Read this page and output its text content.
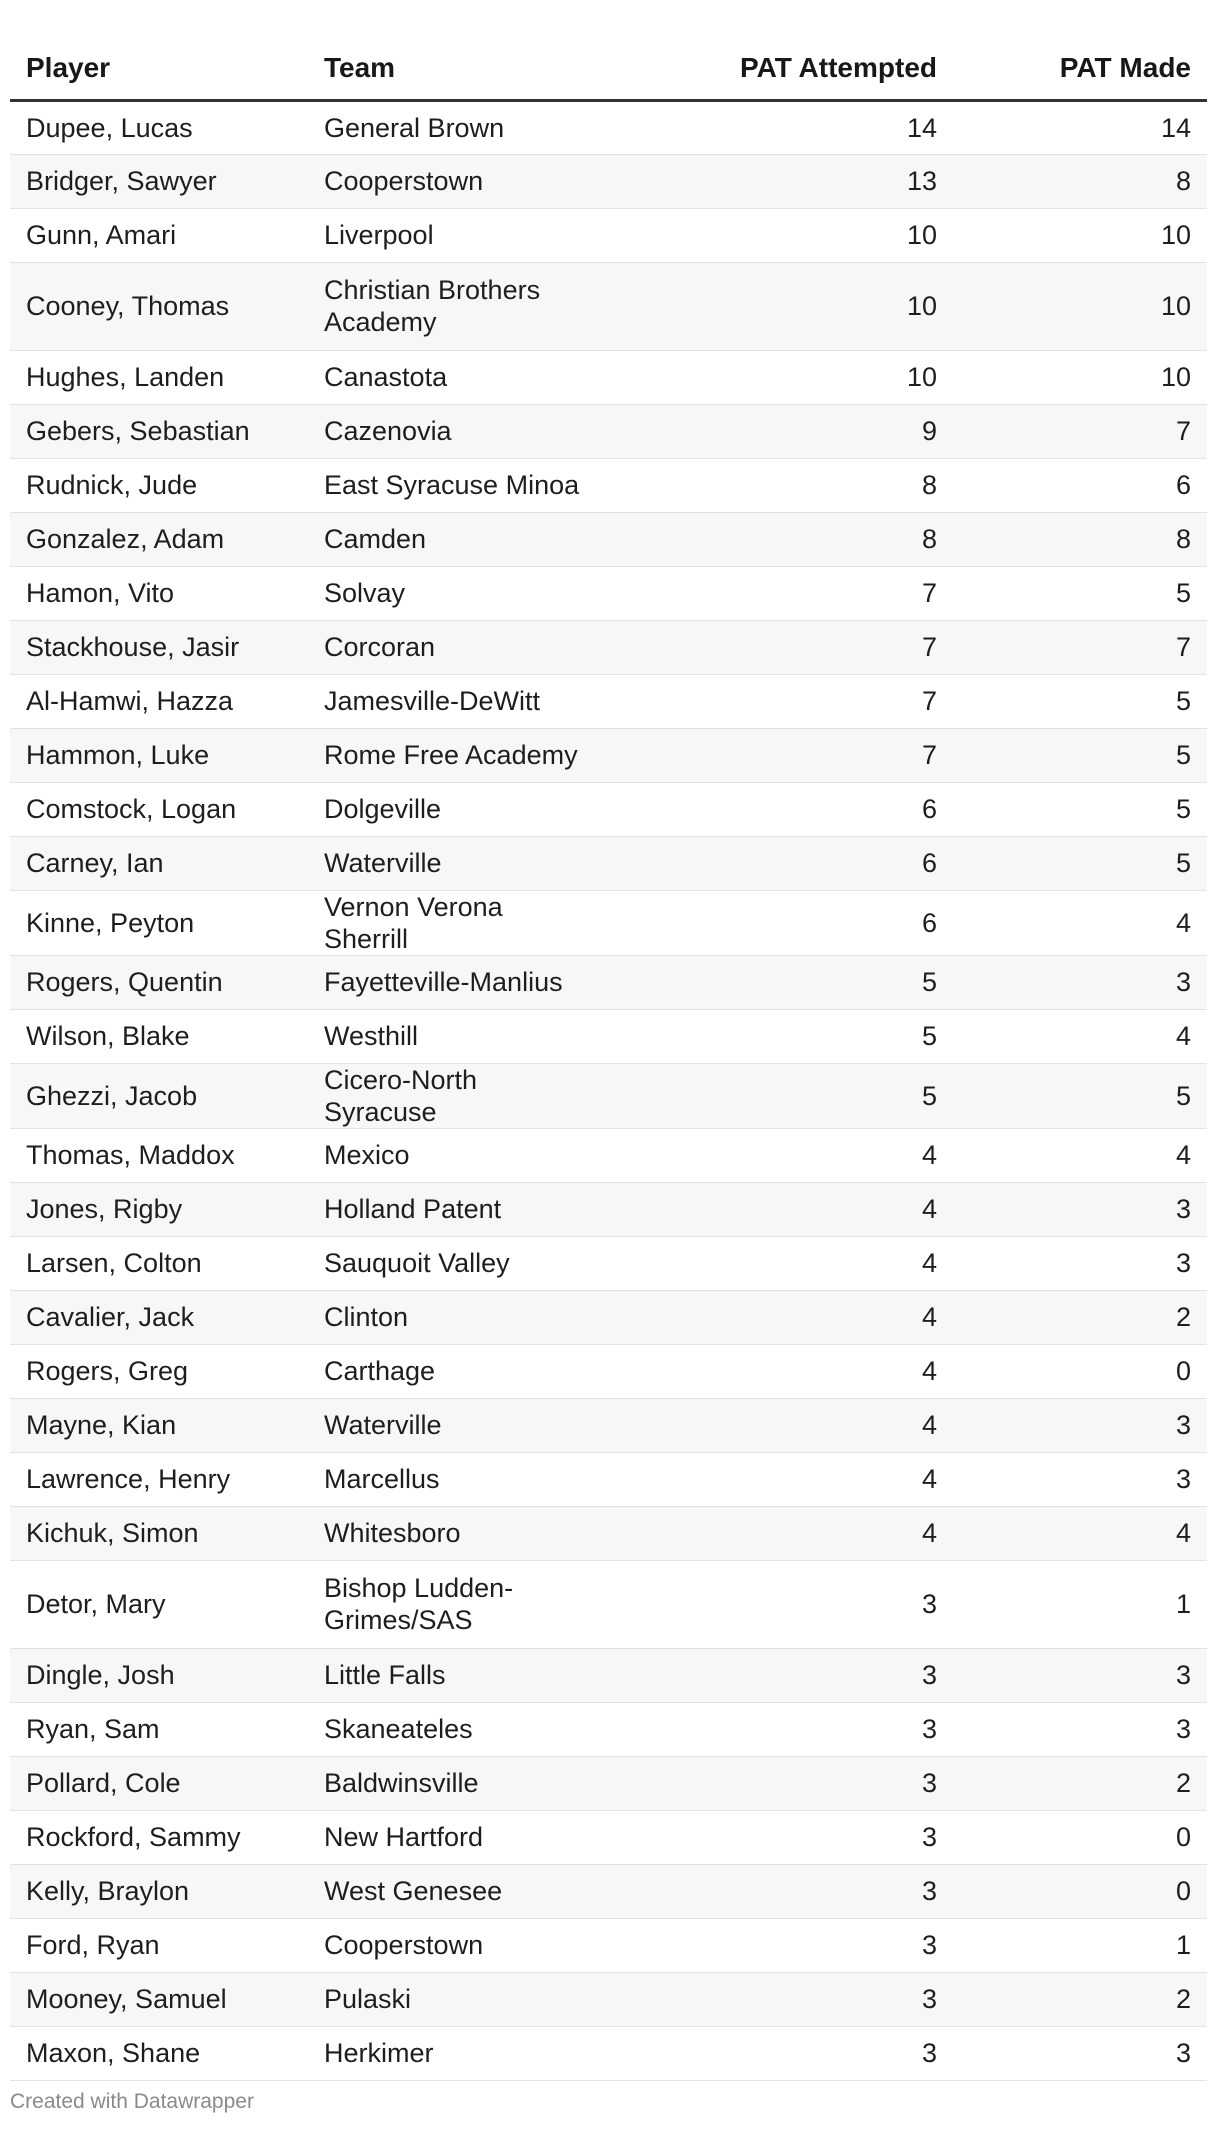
Player	Team	PAT Attempted	PAT Made
Dupee, Lucas	General Brown	14	14
Bridger, Sawyer	Cooperstown	13	8
Gunn, Amari	Liverpool	10	10
Cooney, Thomas	Christian Brothers Academy	10	10
Hughes, Landen	Canastota	10	10
Gebers, Sebastian	Cazenovia	9	7
Rudnick, Jude	East Syracuse Minoa	8	6
Gonzalez, Adam	Camden	8	8
Hamon, Vito	Solvay	7	5
Stackhouse, Jasir	Corcoran	7	7
Al-Hamwi, Hazza	Jamesville-DeWitt	7	5
Hammon, Luke	Rome Free Academy	7	5
Comstock, Logan	Dolgeville	6	5
Carney, Ian	Waterville	6	5
Kinne, Peyton	Vernon Verona Sherrill	6	4
Rogers, Quentin	Fayetteville-Manlius	5	3
Wilson, Blake	Westhill	5	4
Ghezzi, Jacob	Cicero-North Syracuse	5	5
Thomas, Maddox	Mexico	4	4
Jones, Rigby	Holland Patent	4	3
Larsen, Colton	Sauquoit Valley	4	3
Cavalier, Jack	Clinton	4	2
Rogers, Greg	Carthage	4	0
Mayne, Kian	Waterville	4	3
Lawrence, Henry	Marcellus	4	3
Kichuk, Simon	Whitesboro	4	4
Detor, Mary	Bishop Ludden-Grimes/SAS	3	1
Dingle, Josh	Little Falls	3	3
Ryan, Sam	Skaneateles	3	3
Pollard, Cole	Baldwinsville	3	2
Rockford, Sammy	New Hartford	3	0
Kelly, Braylon	West Genesee	3	0
Ford, Ryan	Cooperstown	3	1
Mooney, Samuel	Pulaski	3	2
Maxon, Shane	Herkimer	3	3
Created with Datawrapper
